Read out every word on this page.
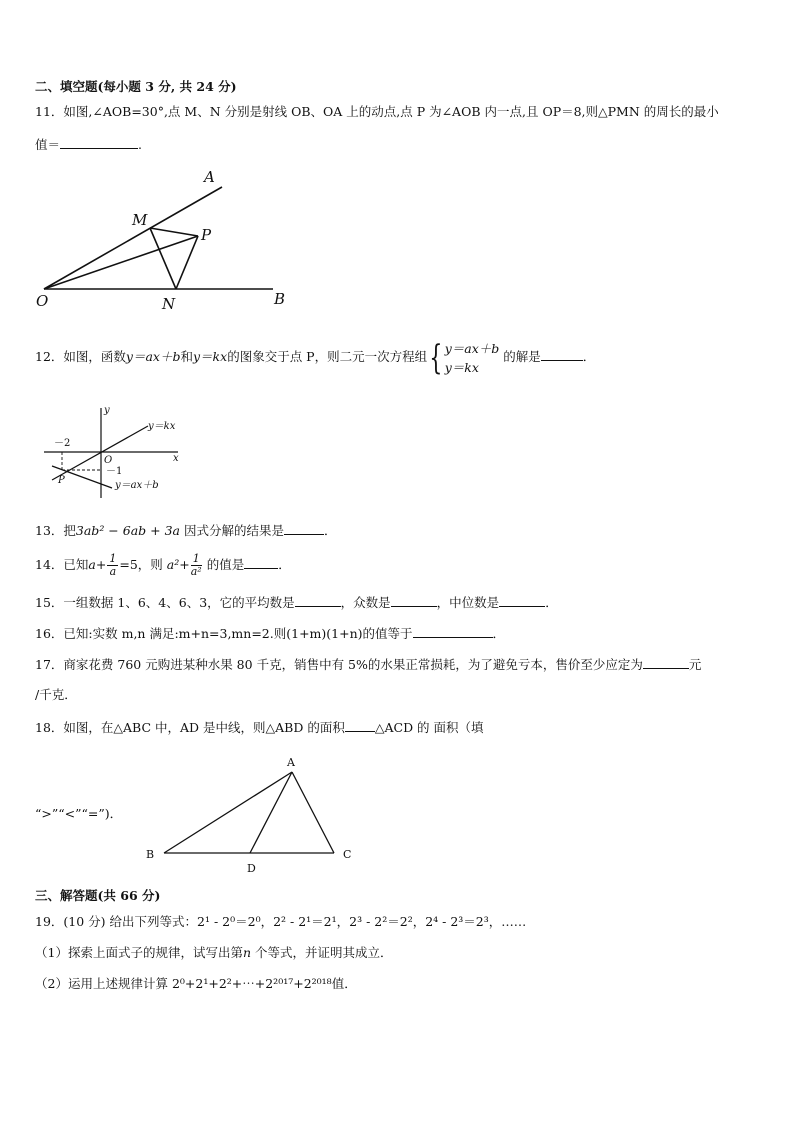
二、填空题(每小题 3 分, 共 24 分)
11．如图,∠AOB=30°,点 M、N 分别是射线 OB、OA 上的动点,点 P 为∠AOB 内一点,且 OP＝8,则△PMN 的周长的最小
值＝	.
A
M
P
O	N	B
12．如图，函数y＝ax＋b和y＝kx的图象交于点 P，则二元一次方程组{ y＝ax＋b
y＝kx
的解是	．
y
x
y＝kx
y＝ax＋b
－2
O
－1
P
13．把3ab² − 6ab + 3a 因式分解的结果是	．
14．已知$a+ \frac{1}{a} =5$，则 $a^2+ \frac{1}{\text{a²}}$ 的值是	．
15．一组数据 1、6、4、6、3，它的平均数是	，众数是	，中位数是	．
16．已知:实数 m,n 满足:m+n=3,mn=2.则(1+m)(1+n)的值等于	．
17．商家花费 760 元购进某种水果 80 千克，销售中有 5%的水果正常损耗，为了避免亏本，售价至少应定为	元
/千克．
18．如图，在△ABC 中，AD 是中线，则△ABD 的面积 △ACD 的 面积（填
“>”“<”“=”)．
A
B	C
D
三、解答题(共 66 分)
19．(10 分) 给出下列等式：2¹ - 2⁰＝2⁰，2² - 2¹＝2¹，2³ - 2²＝2²，2⁴ - 2³＝2³，……
（1）探索上面式子的规律，试写出第n 个等式，并证明其成立．
（2）运用上述规律计算 2⁰+2¹+2²+⋯+2²⁰¹⁷+2²⁰¹⁸值．
